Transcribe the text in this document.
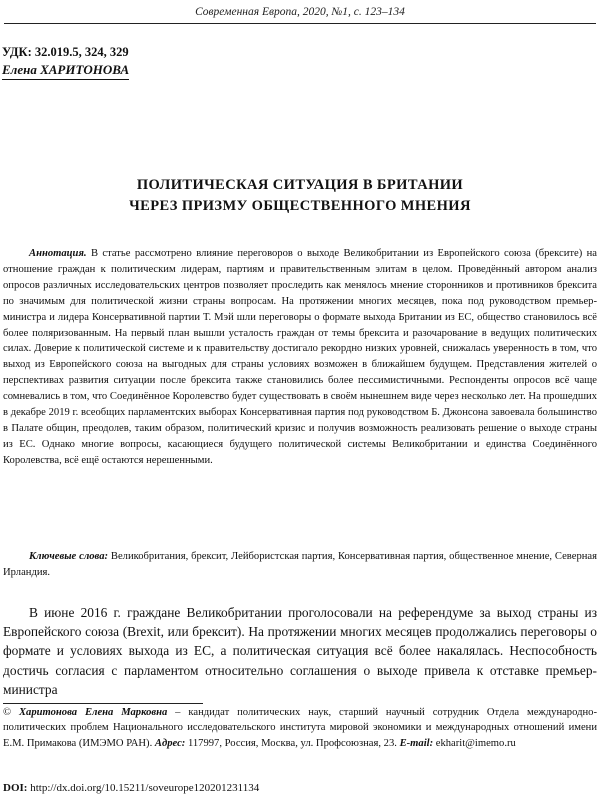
Современная Европа, 2020, №1, с. 123–134
УДК: 32.019.5, 324, 329
Елена ХАРИТОНОВА
ПОЛИТИЧЕСКАЯ СИТУАЦИЯ В БРИТАНИИ
ЧЕРЕЗ ПРИЗМУ ОБЩЕСТВЕННОГО МНЕНИЯ

Аннотация. В статье рассмотрено влияние переговоров о выходе Великобритании из Европейского союза (брексите) на отношение граждан к политическим лидерам, партиям и правительственным элитам в целом. Проведённый автором анализ опросов различных исследовательских центров позволяет проследить как менялось мнение сторонников и противников брексита по значимым для политической жизни страны вопросам. На протяжении многих месяцев, пока под руководством премьер-министра и лидера Консервативной партии Т. Мэй шли переговоры о формате выхода Британии из ЕС, общество становилось всё более поляризованным. На первый план вышли усталость граждан от темы брексита и разочарование в ведущих политических силах. Доверие к политической системе и к правительству достигало рекордно низких уровней, снижалась уверенность в том, что выход из Европейского союза на выгодных для страны условиях возможен в ближайшем будущем. Представления жителей о перспективах развития ситуации после брексита также становились более пессимистичными. Респонденты опросов всё чаще сомневались в том, что Соединённое Королевство будет существовать в своём нынешнем виде через несколько лет. На прошедших в декабре 2019 г. всеобщих парламентских выборах Консервативная партия под руководством Б. Джонсона завоевала большинство в Палате общин, преодолев, таким образом, политический кризис и получив возможность реализовать решение о выходе страны из ЕС. Однако многие вопросы, касающиеся будущего политической системы Великобритании и единства Соединённого Королевства, всё ещё остаются нерешенными.

Ключевые слова: Великобритания, брексит, Лейбористская партия, Консервативная партия, общественное мнение, Северная Ирландия.

В июне 2016 г. граждане Великобритании проголосовали на референдуме за выход страны из Европейского союза (Brexit, или брексит). На протяжении многих месяцев продолжались переговоры о формате и условиях выхода из ЕС, а политическая ситуация всё более накалялась. Неспособность достичь согласия с парламентом относительно соглашения о выходе привела к отставке премьер-министра

© Харитонова Елена Марковна – кандидат политических наук, старший научный сотрудник Отдела международно-политических проблем Национального исследовательского института мировой экономики и международных отношений имени Е.М. Примакова (ИМЭМО РАН). Адрес: 117997, Россия, Москва, ул. Профсоюзная, 23. E-mail: ekharit@imemo.ru

DOI: http://dx.doi.org/10.15211/soveurope120201231134
